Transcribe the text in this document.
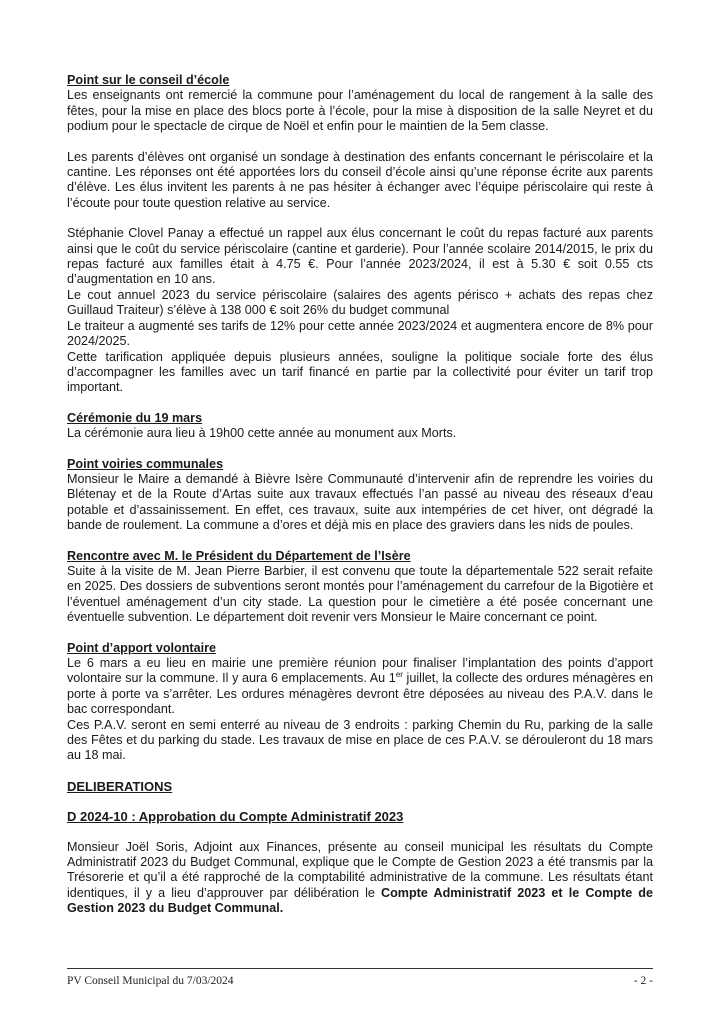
Point sur le conseil d’école

Les enseignants ont remercié la commune pour l’aménagement du local de rangement à la salle des fêtes, pour la mise en place des blocs porte à l’école, pour la mise à disposition de la salle Neyret et du podium pour le spectacle de cirque de Noël et enfin pour le maintien de la 5em classe.

Les parents d’élèves ont organisé un sondage à destination des enfants concernant le périscolaire et la cantine. Les réponses ont été apportées lors du conseil d’école ainsi qu’une réponse écrite aux parents d’élève. Les élus invitent les parents à ne pas hésiter à échanger avec l’équipe périscolaire qui reste à l’écoute pour toute question relative au service.

Stéphanie Clovel Panay a effectué un rappel aux élus concernant le coût du repas facturé aux parents ainsi que le coût du service périscolaire (cantine et garderie). Pour l’année scolaire 2014/2015, le prix du repas facturé aux familles était à 4.75 €. Pour l’année 2023/2024, il est à 5.30 € soit 0.55 cts d’augmentation en 10 ans.

Le cout annuel 2023 du service périscolaire (salaires des agents périsco + achats des repas chez Guillaud Traiteur) s’élève à 138 000 € soit 26% du budget communal

Le traiteur a augmenté ses tarifs de 12% pour cette année 2023/2024 et augmentera encore de 8% pour 2024/2025.

Cette tarification appliquée depuis plusieurs années, souligne la politique sociale forte des élus d’accompagner les familles avec un tarif financé en partie par la collectivité pour éviter un tarif trop important.

Cérémonie du 19 mars

La cérémonie aura lieu à 19h00 cette année au monument aux Morts.

Point voiries communales

Monsieur le Maire a demandé à Bièvre Isère Communauté d’intervenir afin de reprendre les voiries du Blétenay et de la Route d’Artas suite aux travaux effectués l’an passé au niveau des réseaux d’eau potable et d’assainissement. En effet, ces travaux, suite aux intempéries de cet hiver, ont dégradé la bande de roulement. La commune a d’ores et déjà mis en place des graviers dans les nids de poules.

Rencontre avec M. le Président du Département de l’Isère

Suite à la visite de M. Jean Pierre Barbier, il est convenu que toute la départementale 522 serait refaite en 2025. Des dossiers de subventions seront montés pour l’aménagement du carrefour de la Bigotière et l’éventuel aménagement d’un city stade. La question pour le cimetière a été posée concernant une éventuelle subvention. Le département doit revenir vers Monsieur le Maire concernant ce point.

Point d’apport volontaire

Le 6 mars a eu lieu en mairie une première réunion pour finaliser l’implantation des points d’apport volontaire sur la commune. Il y aura 6 emplacements. Au 1er juillet, la collecte des ordures ménagères en porte à porte va s’arrêter. Les ordures ménagères devront être déposées au niveau des P.A.V. dans le bac correspondant.

Ces P.A.V. seront en semi enterré au niveau de 3 endroits : parking Chemin du Ru, parking de la salle des Fêtes et du parking du stade. Les travaux de mise en place de ces P.A.V. se dérouleront du 18 mars au 18 mai.

DELIBERATIONS

D 2024-10 : Approbation du Compte Administratif 2023

Monsieur Joël Soris, Adjoint aux Finances, présente au conseil municipal les résultats du Compte Administratif 2023 du Budget Communal, explique que le Compte de Gestion 2023 a été transmis par la Trésorerie et qu’il a été rapproché de la comptabilité administrative de la commune. Les résultats étant identiques, il y a lieu d’approuver par délibération le Compte Administratif 2023 et le Compte de Gestion 2023 du Budget Communal.

PV Conseil Municipal du 7/03/2024	- 2 -
